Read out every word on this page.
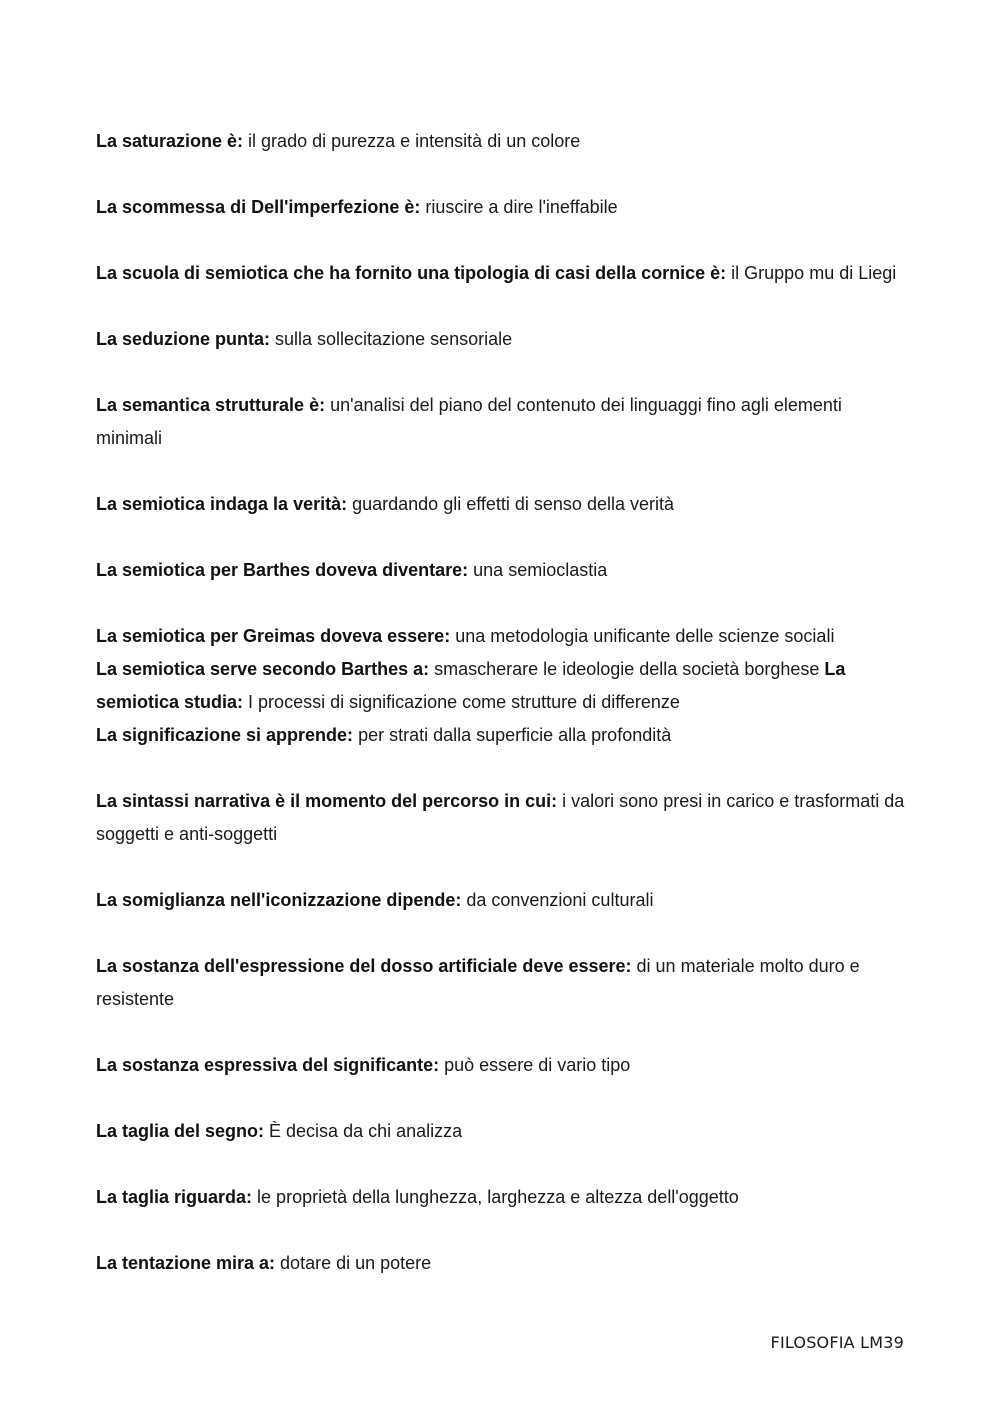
La saturazione è: il grado di purezza e intensità di un colore

La scommessa di Dell'imperfezione è: riuscire a dire l'ineffabile

La scuola di semiotica che ha fornito una tipologia di casi della cornice è: il Gruppo mu di Liegi

La seduzione punta: sulla sollecitazione sensoriale

La semantica strutturale è: un'analisi del piano del contenuto dei linguaggi fino agli elementi minimali

La semiotica indaga la verità: guardando gli effetti di senso della verità

La semiotica per Barthes doveva diventare: una semioclastia

La semiotica per Greimas doveva essere: una metodologia unificante delle scienze sociali

La semiotica serve secondo Barthes a: smascherare le ideologie della società borghese La semiotica studia: I processi di significazione come strutture di differenze

La significazione si apprende: per strati dalla superficie alla profondità

La sintassi narrativa è il momento del percorso in cui: i valori sono presi in carico e trasformati da soggetti e anti-soggetti

La somiglianza nell'iconizzazione dipende: da convenzioni culturali

La sostanza dell'espressione del dosso artificiale deve essere: di un materiale molto duro e resistente

La sostanza espressiva del significante: può essere di vario tipo

La taglia del segno: È decisa da chi analizza

La taglia riguarda: le proprietà della lunghezza, larghezza e altezza dell'oggetto

La tentazione mira a: dotare di un potere

FILOSOFIA LM39
